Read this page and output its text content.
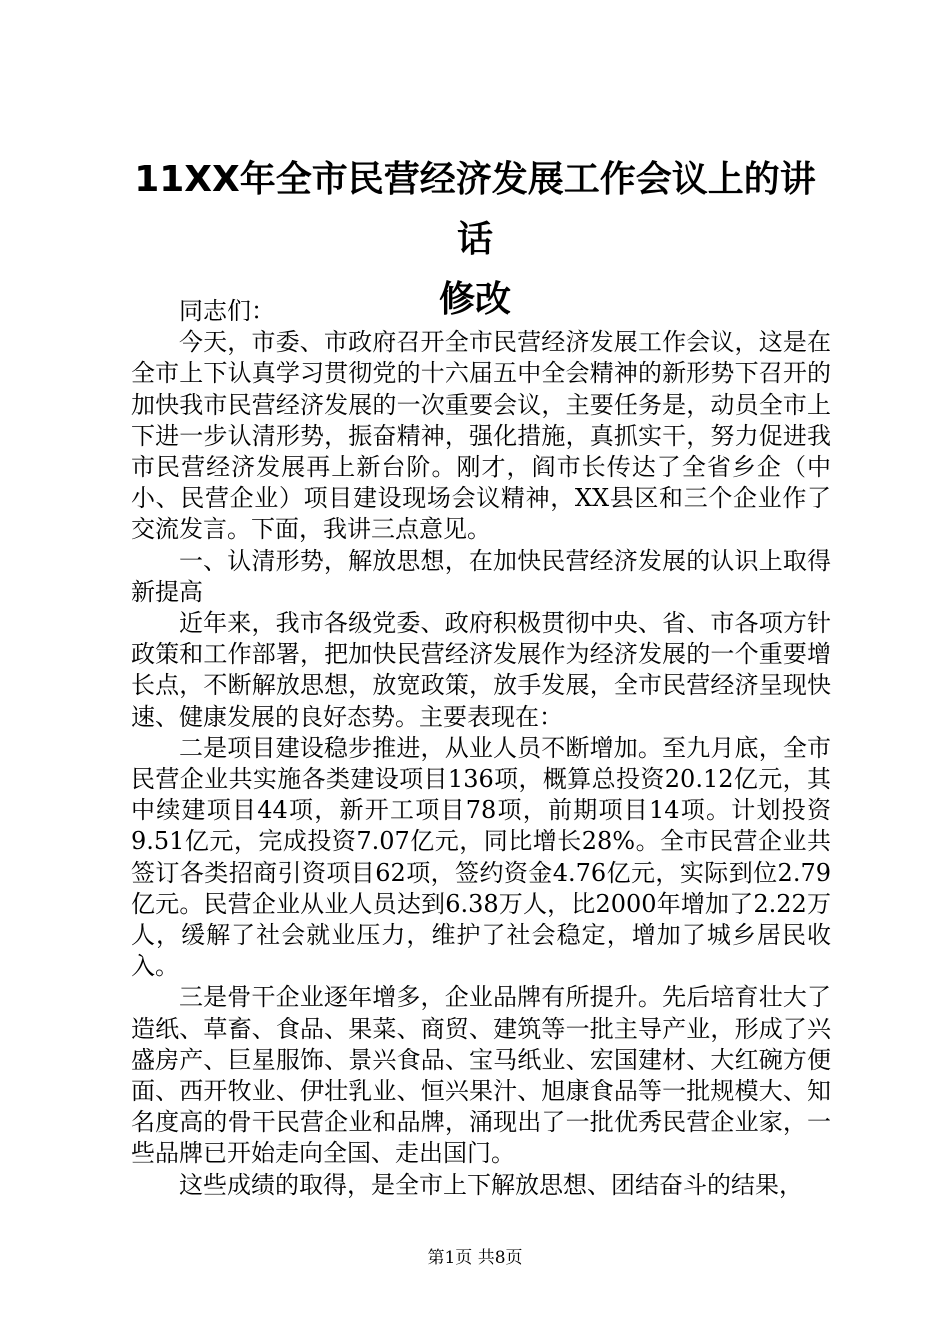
11XX年全市民营经济发展工作会议上的讲话
修改

同志们：

今天，市委、市政府召开全市民营经济发展工作会议，这是在全市上下认真学习贯彻党的十六届五中全会精神的新形势下召开的加快我市民营经济发展的一次重要会议，主要任务是，动员全市上下进一步认清形势，振奋精神，强化措施，真抓实干，努力促进我市民营经济发展再上新台阶。刚才，阎市长传达了全省乡企（中小、民营企业）项目建设现场会议精神，XX县区和三个企业作了交流发言。下面，我讲三点意见。

一、认清形势，解放思想，在加快民营经济发展的认识上取得新提高

近年来，我市各级党委、政府积极贯彻中央、省、市各项方针政策和工作部署，把加快民营经济发展作为经济发展的一个重要增长点，不断解放思想，放宽政策，放手发展，全市民营经济呈现快速、健康发展的良好态势。主要表现在：

二是项目建设稳步推进，从业人员不断增加。至九月底，全市民营企业共实施各类建设项目136项，概算总投资20.12亿元，其中续建项目44项，新开工项目78项，前期项目14项。计划投资9.51亿元，完成投资7.07亿元，同比增长28%。全市民营企业共签订各类招商引资项目62项，签约资金4.76亿元，实际到位2.79亿元。民营企业从业人员达到6.38万人，比2000年增加了2.22万人，缓解了社会就业压力，维护了社会稳定，增加了城乡居民收入。

三是骨干企业逐年增多，企业品牌有所提升。先后培育壮大了造纸、草畜、食品、果菜、商贸、建筑等一批主导产业，形成了兴盛房产、巨星服饰、景兴食品、宝马纸业、宏国建材、大红碗方便面、西开牧业、伊壮乳业、恒兴果汁、旭康食品等一批规模大、知名度高的骨干民营企业和品牌，涌现出了一批优秀民营企业家，一些品牌已开始走向全国、走出国门。

这些成绩的取得，是全市上下解放思想、团结奋斗的结果，

第1页 共8页
